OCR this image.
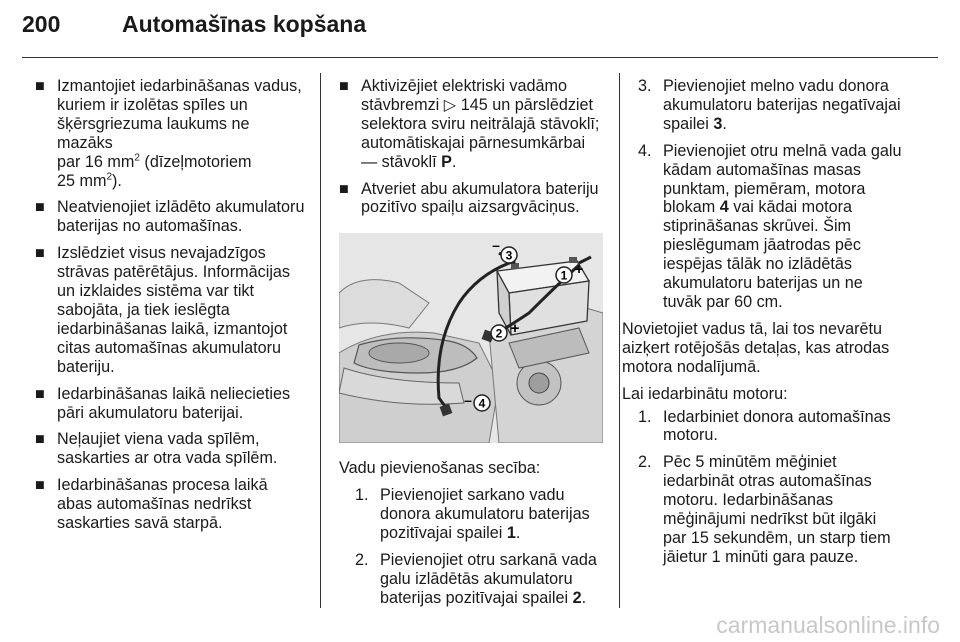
200	Automašīnas kopšana
■ Izmantojiet iedarbināšanas vadus,
kuriem ir izolētas spīles un
šķērsgriezuma laukums ne mazāks
par 16 $mm^2$ (dīzeļmotoriem
25 $mm^2$).
■ Neatvienojiet izlādēto akumulatoru baterijas no automašīnas.
■ Izslēdziet visus nevajadzīgos strāvas patērētājus. Informācijas un izklaides sistēma var tikt sabojāta, ja tiek ieslēgta iedarbināšanas laikā, izmantojot citas automašīnas akumulatoru bateriju.
■ Iedarbināšanas laikā neliecieties pāri akumulatoru baterijai.
■ Neļaujiet viena vada spīlēm, saskarties ar otra vada spīlēm.
■ Iedarbināšanas procesa laikā abas automašīnas nedrīkst saskarties savā starpā.
■ Aktivizējiet elektriski vadāmo stāvbremzi ▷ 145 un pārslēdziet selektora sviru neitrālajā stāvoklī; automātiskajai pārnesumkārbai — stāvoklī P.
■ Atveriet abu akumulatora bateriju pozitīvo spaiļu aizsargvāciņus.
3
–
1 +
2 +
4
–
Vadu pievienošanas secība:
1. Pievienojiet sarkano vadu donora akumulatoru baterijas pozitīvajai spailei 1.
2. Pievienojiet otru sarkanā vada galu izlādētās akumulatoru baterijas pozitīvajai spailei 2.
3. Pievienojiet melno vadu donora akumulatoru baterijas negatīvajai spailei 3.
4. Pievienojiet otru melnā vada galu kādam automašīnas masas punktam, piemēram, motora blokam 4 vai kādai motora stiprināšanas skrūvei. Šim pieslēgumam jāatrodas pēc iespējas tālāk no izlādētās akumulatoru baterijas un ne tuvāk par 60 cm.
Novietojiet vadus tā, lai tos nevarētu aizķert rotējošās detaļas, kas atrodas motora nodalījumā.
Lai iedarbinātu motoru:
1. Iedarbiniet donora automašīnas motoru.
2. Pēc 5 minūtēm mēģiniet iedarbināt otras automašīnas motoru. Iedarbināšanas mēģinājumi nedrīkst būt ilgāki par 15 sekundēm, un starp tiem jāietur 1 minūti gara pauze.
carmanualsonline.info
